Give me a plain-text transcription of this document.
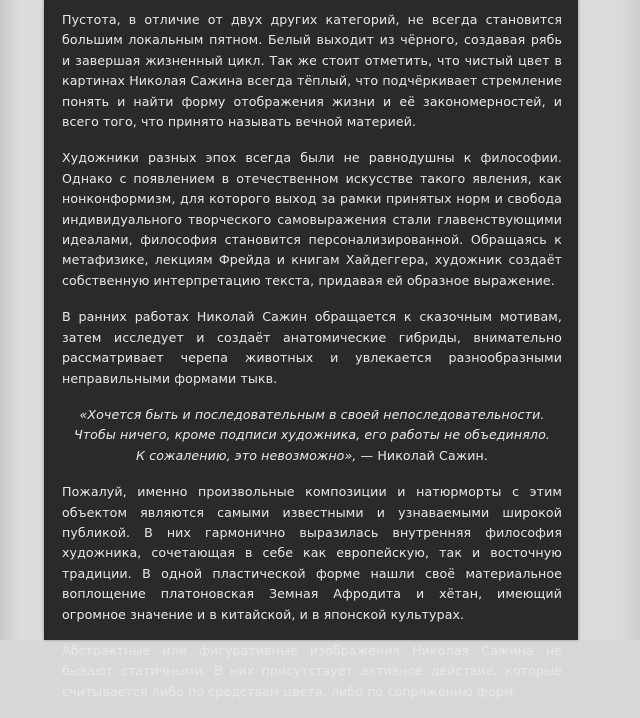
Пустота, в отличие от двух других категорий, не всегда становится большим локальным пятном. Белый выходит из чёрного, создавая рябь и завершая жизненный цикл. Так же стоит отметить, что чистый цвет в картинах Николая Сажина всегда тёплый, что подчёркивает стремление понять и найти форму отображения жизни и её закономерностей, и всего того, что принято называть вечной материей.

Художники разных эпох всегда были не равнодушны к философии. Однако с появлением в отечественном искусстве такого явления, как нонконформизм, для которого выход за рамки принятых норм и свобода индивидуального творческого самовыражения стали главенствующими идеалами, философия становится персонализированной. Обращаясь к метафизике, лекциям Фрейда и книгам Хайдеггера, художник создаёт собственную интерпретацию текста, придавая ей образное выражение.

В ранних работах Николай Сажин обращается к сказочным мотивам, затем исследует и создаёт анатомические гибриды, внимательно рассматривает черепа животных и увлекается разнообразными неправильными формами тыкв.

«Хочется быть и последовательным в своей непоследовательности. Чтобы ничего, кроме подписи художника, его работы не объединяло. К сожалению, это невозможно», — Николай Сажин.

Пожалуй, именно произвольные композиции и натюрморты с этим объектом являются самыми известными и узнаваемыми широкой публикой. В них гармонично выразилась внутренняя философия художника, сочетающая в себе как европейскую, так и восточную традиции. В одной пластической форме нашли своё материальное воплощение платоновская Земная Афродита и хётан, имеющий огромное значение и в китайской, и в японской культурах.

Абстрактные или фигуративные изображения Николая Сажина не бывают статичными. В них присутствует активное действие, которые считывается либо по средствам цвета, либо по сопряжению форм.
